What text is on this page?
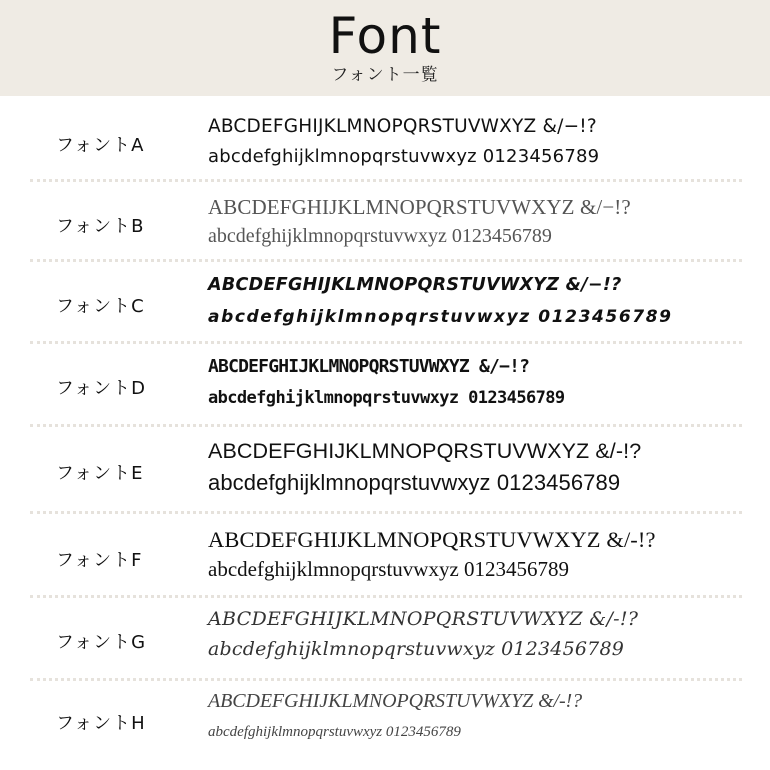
Font
フォント一覧
フォントA
ABCDEFGHIJKLMNOPQRSTUVWXYZ &/−!?
abcdefghijklmnopqrstuvwxyz 0123456789
フォントB
ABCDEFGHIJKLMNOPQRSTUVWXYZ &/−!?
abcdefghijklmnopqrstuvwxyz 0123456789
フォントC
ABCDEFGHIJKLMNOPQRSTUVWXYZ &/−!?
abcdefghijklmnopqrstuvwxyz 0123456789
フォントD
ABCDEFGHIJKLMNOPQRSTUVWXYZ &/−!?
abcdefghijklmnopqrstuvwxyz 0123456789
フォントE
ABCDEFGHIJKLMNOPQRSTUVWXYZ &/-!?
abcdefghijklmnopqrstuvwxyz 0123456789
フォントF
ABCDEFGHIJKLMNOPQRSTUVWXYZ &/-!?
abcdefghijklmnopqrstuvwxyz 0123456789
フォントG
ABCDEFGHIJKLMNOPQRSTUVWXYZ &/-!?
abcdefghijklmnopqrstuvwxyz 0123456789
フォントH
ABCDEFGHIJKLMNOPQRSTUVWXYZ &/-!?
abcdefghijklmnopqrstuvwxyz 0123456789
